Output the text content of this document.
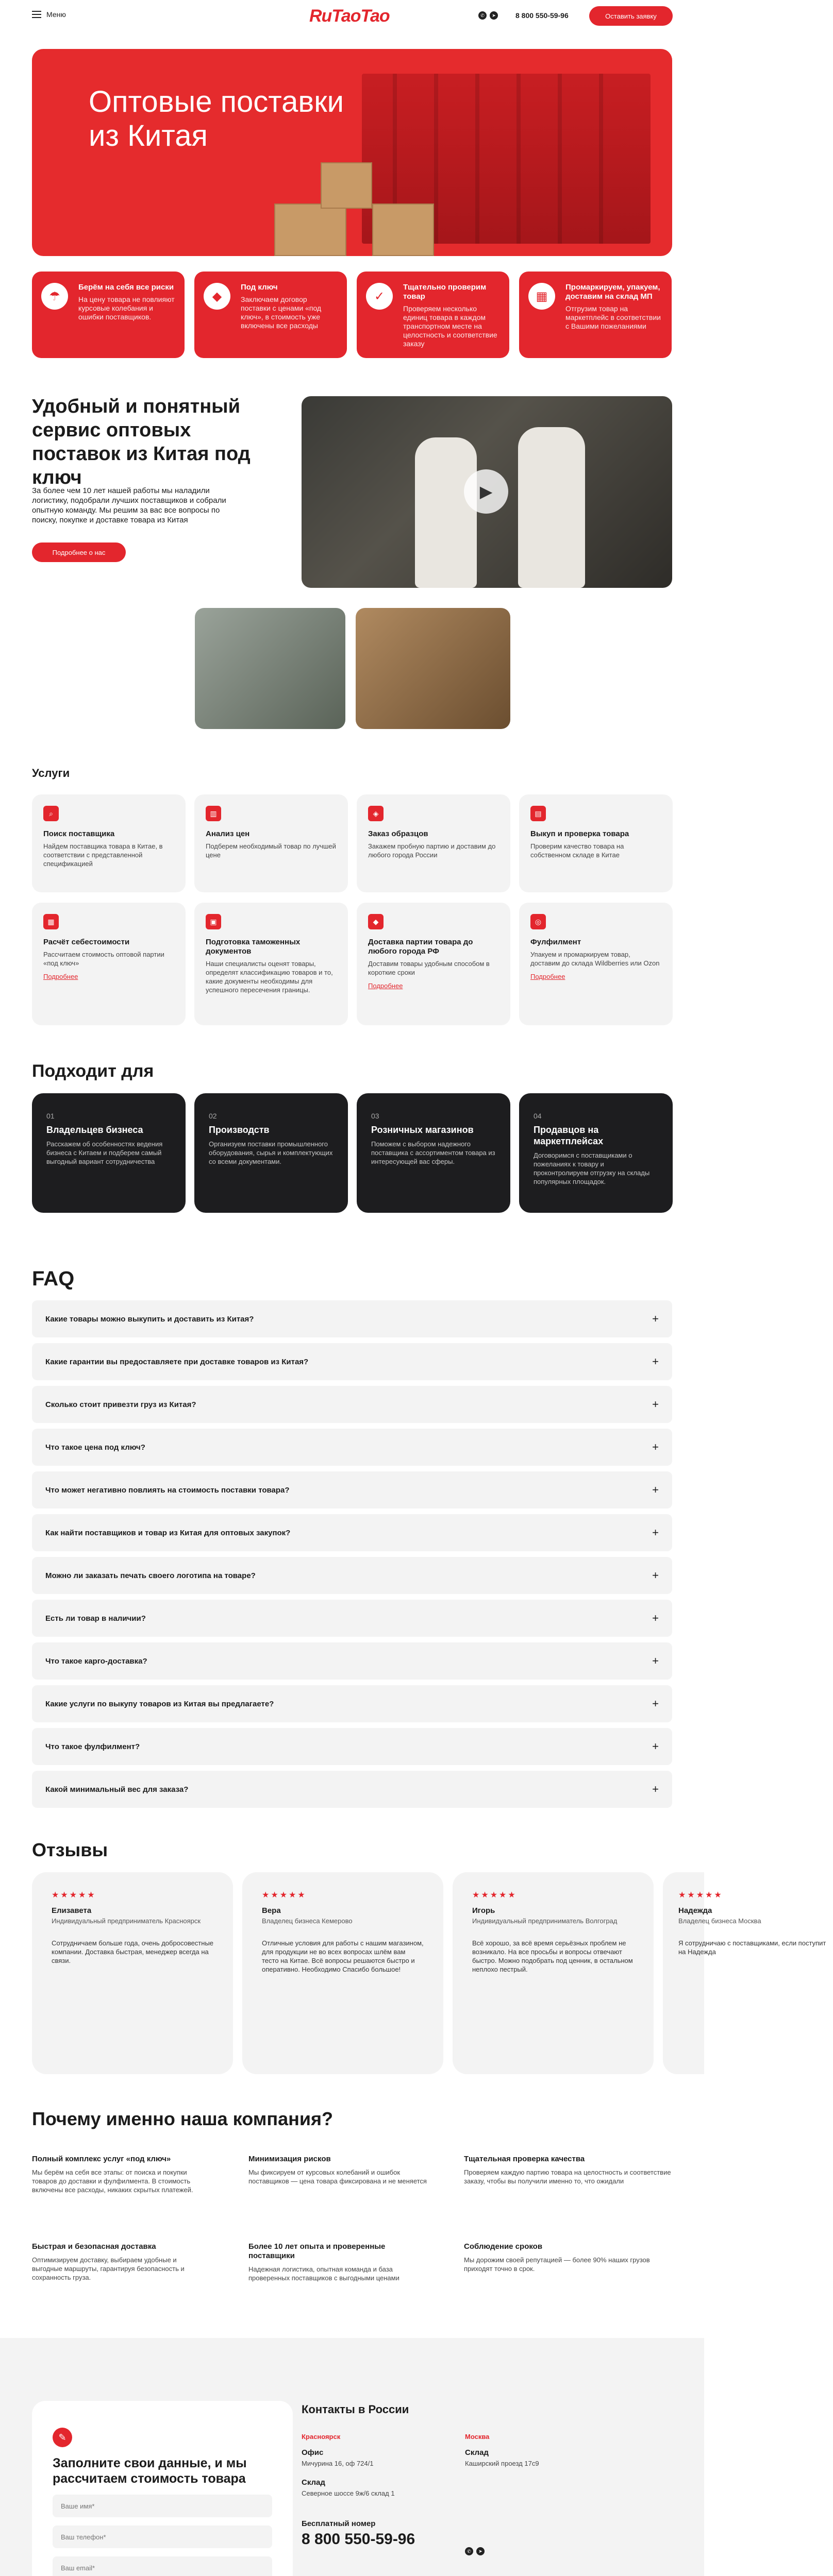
Меню	RuTaoTao	✆	➤	8 800 550-59-96	Оставить заявку
Оптовые поставки из Китая
☂
Берём на себя все риски

На цену товара не повлияют курсовые колебания и ошибки поставщиков.

◆
Под ключ

Заключаем договор поставки с ценами «под ключ», в стоимость уже включены все расходы

✓
Тщательно проверим товар

Проверяем несколько единиц товара в каждом транспортном месте на целостность и соответствие заказу

▦
Промаркируем, упакуем, доставим на склад МП

Отгрузим товар на маркетплейс в соответствии с Вашими пожеланиями

Удобный и понятный сервис оптовых поставок из Китая под ключ
За более чем 10 лет нашей работы мы наладили логистику, подобрали лучших поставщиков и собрали опытную команду. Мы решим за вас все вопросы по поиску, покупке и доставке товара из Китая
Подробнее о нас
▶
Услуги
⌕
Поиск поставщика

Найдем поставщика товара в Китае, в соответствии с представленной спецификацией

▥
Анализ цен

Подберем необходимый товар по лучшей цене

◈
Заказ образцов

Закажем пробную партию и доставим до любого города России

▤
Выкуп и проверка товара

Проверим качество товара на собственном складе в Китае

▦
Расчёт себестоимости

Рассчитаем стоимость оптовой партии «под ключ»

Подробнее
▣
Подготовка таможенных документов

Наши специалисты оценят товары, определят классификацию товаров и то, какие документы необходимы для успешного пересечения границы.

◆
Доставка партии товара до любого города РФ

Доставим товары удобным способом в короткие сроки

Подробнее
◎
Фулфилмент

Упакуем и промаркируем товар, доставим до склада Wildberries или Ozon

Подробнее
Подходит для
01
Владельцев бизнеса

Расскажем об особенностях ведения бизнеса с Китаем и подберем самый выгодный вариант сотрудничества

02
Производств

Организуем поставки промышленного оборудования, сырья и комплектующих со всеми документами.

03
Розничных магазинов

Поможем с выбором надежного поставщика с ассортиментом товара из интересующей вас сферы.

04
Продавцов на маркетплейсах

Договоримся с поставщиками о пожеланиях к товару и проконтролируем отгрузку на склады популярных площадок.

FAQ
Какие товары можно выкупить и доставить из Китая?	+
Какие гарантии вы предоставляете при доставке товаров из Китая?	+
Сколько стоит привезти груз из Китая?	+
Что такое цена под ключ?	+
Что может негативно повлиять на стоимость поставки товара?	+
Как найти поставщиков и товар из Китая для оптовых закупок?	+
Можно ли заказать печать своего логотипа на товаре?	+
Есть ли товар в наличии?	+
Что такое карго-доставка?	+
Какие услуги по выкупу товаров из Китая вы предлагаете?	+
Что такое фулфилмент?	+
Какой минимальный вес для заказа?	+
Отзывы
★★★★★
Елизавета
Индивидуальный предприниматель Красноярск

Сотрудничаем больше года, очень добросовестные компании. Доставка быстрая, менеджер всегда на связи.

★★★★★
Вера
Владелец бизнеса Кемерово

Отличные условия для работы с нашим магазином, для продукции не во всех вопросах шлём вам тесто на Китае. Всё вопросы решаются быстро и оперативно. Необходимо Спасибо большое!

★★★★★
Игорь
Индивидуальный предприниматель Волгоград

Всё хорошо, за всё время серьёзных проблем не возникало. На все просьбы и вопросы отвечают быстро. Можно подобрать под ценник, в остальном неплохо пестрый.

★★★★★
Надежда
Владелец бизнеса Москва

Я сотрудничаю с поставщиками, если поступит на Надежда

Почему именно наша компания?
Полный комплекс услуг «под ключ»

Мы берём на себя все этапы: от поиска и покупки товаров до доставки и фулфилмента. В стоимость включены все расходы, никаких скрытых платежей.

Минимизация рисков

Мы фиксируем от курсовых колебаний и ошибок поставщиков — цена товара фиксирована и не меняется

Тщательная проверка качества

Проверяем каждую партию товара на целостность и соответствие заказу, чтобы вы получили именно то, что ожидали

Быстрая и безопасная доставка

Оптимизируем доставку, выбираем удобные и выгодные маршруты, гарантируя безопасность и сохранность груза.

Более 10 лет опыта и проверенные поставщики

Надежная логистика, опытная команда и база проверенных поставщиков с выгодными ценами

Соблюдение сроков

Мы дорожим своей репутацией — более 90% наших грузов приходят точно в срок.

✎
Заполните свои данные, и мы рассчитаем стоимость товара
Ваше имя* Ваш телефон* Ваш email*
Контакты в России
Красноярск
Офис
Мичурина 16, оф 724/1
Склад
Северное шоссе 9ж/6 склад 1
Бесплатный номер
8 800 550-59-96
✆	➤
Москва
Склад
Каширский проезд 17с9
